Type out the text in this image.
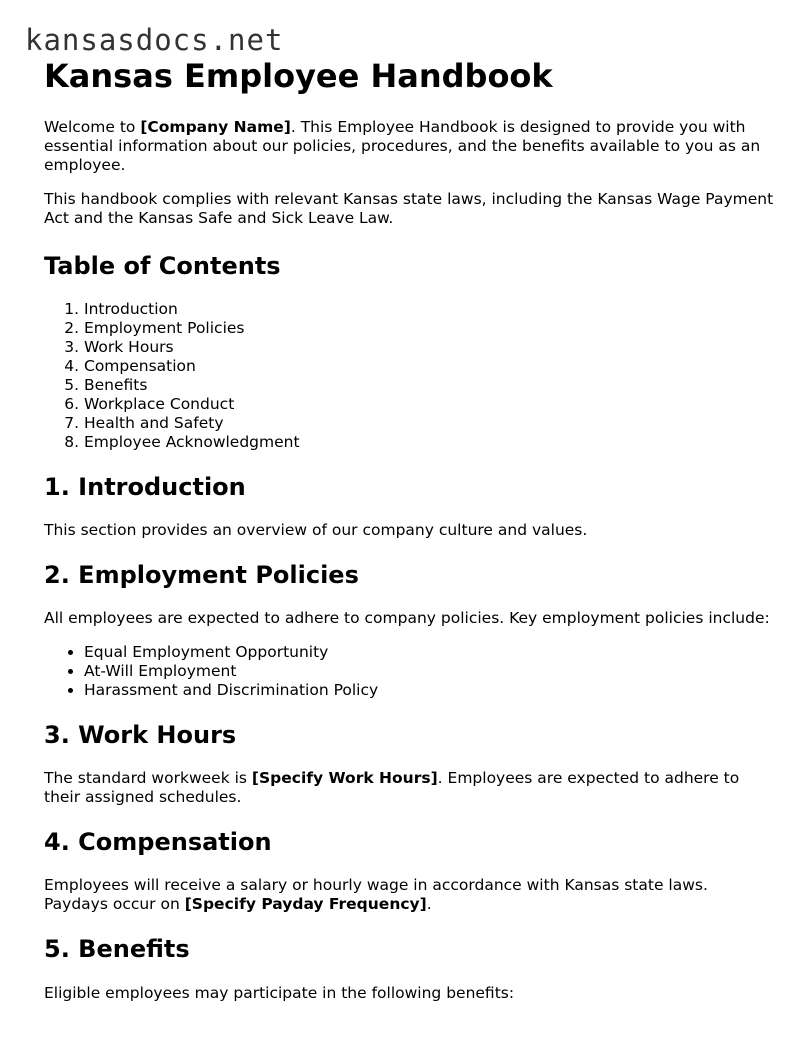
kansasdocs.net
Kansas Employee Handbook

Welcome to [Company Name]. This Employee Handbook is designed to provide you with essential information about our policies, procedures, and the benefits available to you as an employee.

This handbook complies with relevant Kansas state laws, including the Kansas Wage Payment Act and the Kansas Safe and Sick Leave Law.

Table of Contents
1. Introduction
2. Employment Policies
3. Work Hours
4. Compensation
5. Benefits
6. Workplace Conduct
7. Health and Safety
8. Employee Acknowledgment
1. Introduction

This section provides an overview of our company culture and values.

2. Employment Policies

All employees are expected to adhere to company policies. Key employment policies include:

• Equal Employment Opportunity
• At-Will Employment
• Harassment and Discrimination Policy
3. Work Hours

The standard workweek is [Specify Work Hours]. Employees are expected to adhere to their assigned schedules.

4. Compensation

Employees will receive a salary or hourly wage in accordance with Kansas state laws. Paydays occur on [Specify Payday Frequency].

5. Benefits

Eligible employees may participate in the following benefits:
